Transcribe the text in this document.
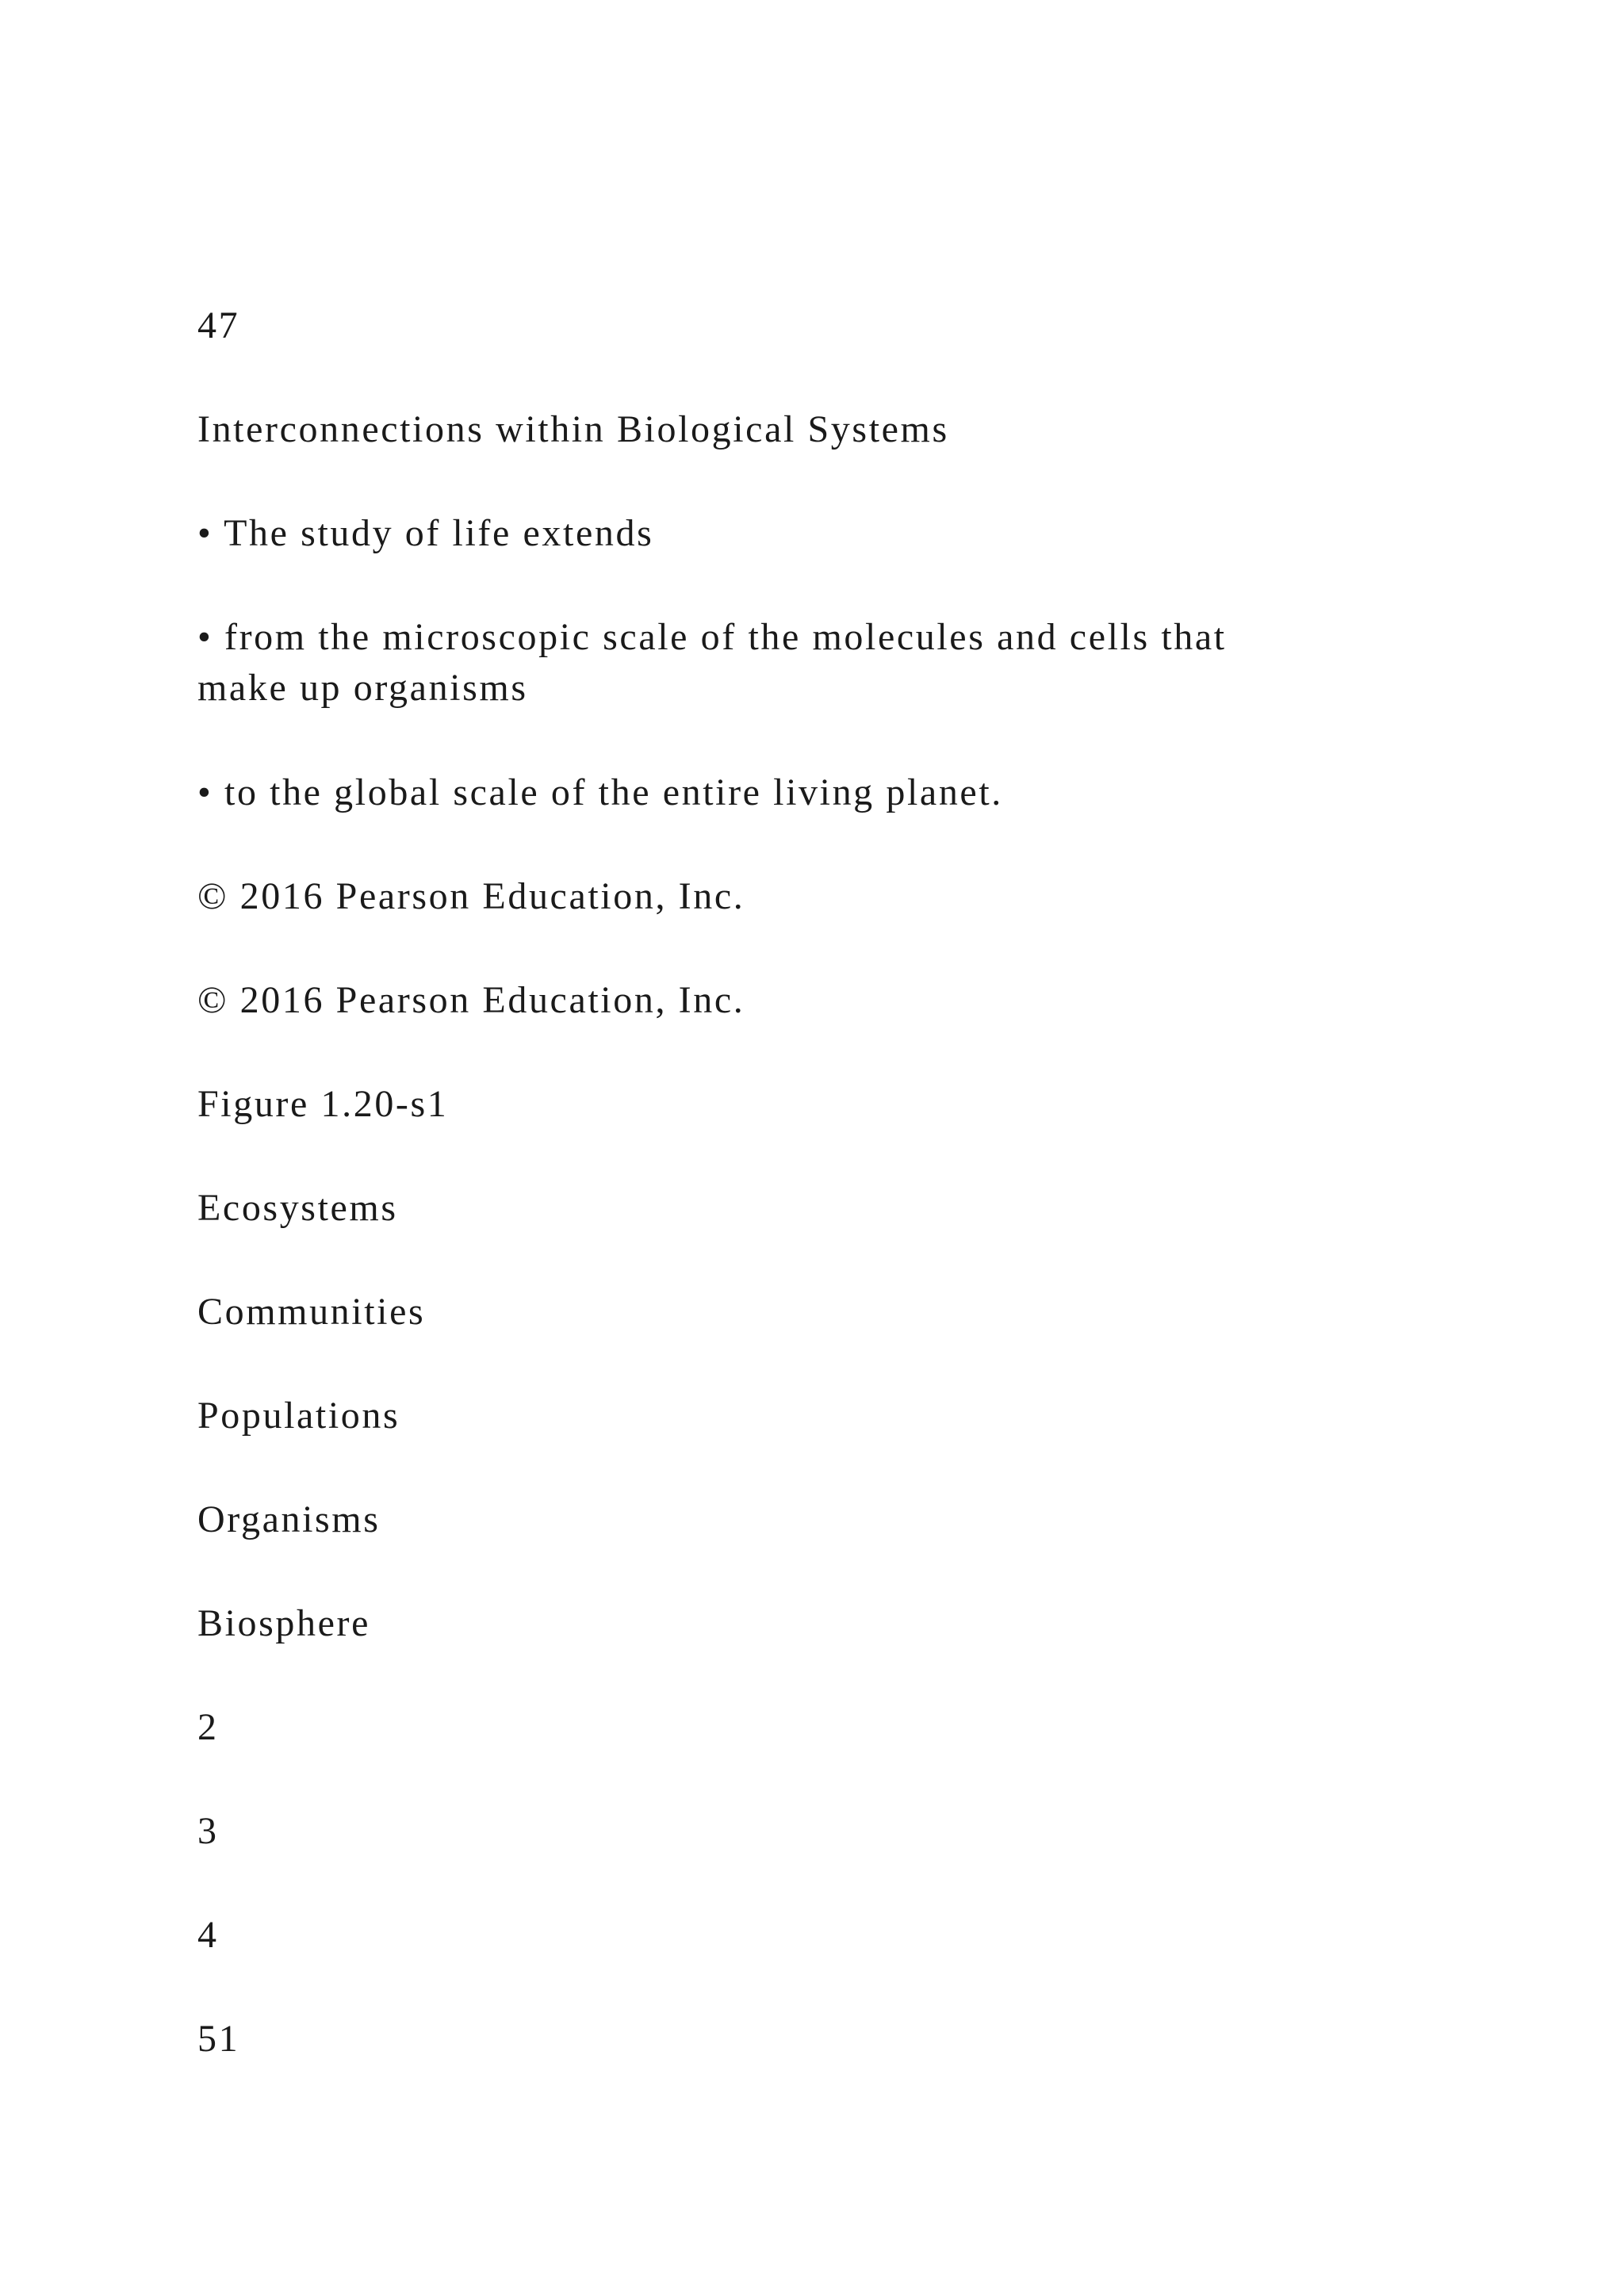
47
Interconnections within Biological Systems
• The study of life extends
• from the microscopic scale of the molecules and cells that make up organisms
• to the global scale of the entire living planet.
© 2016 Pearson Education, Inc.
© 2016 Pearson Education, Inc.
Figure 1.20-s1
Ecosystems
Communities
Populations
Organisms
Biosphere
2
3
4
51
